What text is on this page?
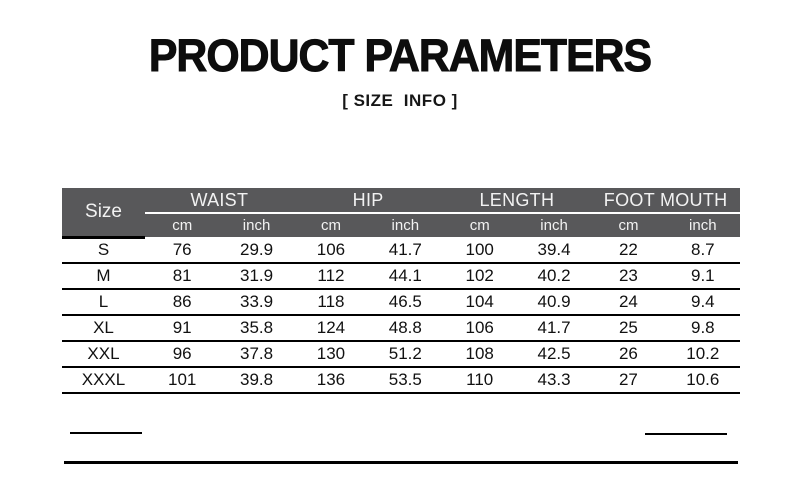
PRODUCT PARAMETERS
[ SIZE  INFO ]
Size	WAIST		HIP		LENGTH		FOOT MOUTH	
	cm	inch	cm	inch	cm	inch	cm	inch
S	76	29.9	106	41.7	100	39.4	22	8.7
M	81	31.9	112	44.1	102	40.2	23	9.1
L	86	33.9	118	46.5	104	40.9	24	9.4
XL	91	35.8	124	48.8	106	41.7	25	9.8
XXL	96	37.8	130	51.2	108	42.5	26	10.2
XXXL	101	39.8	136	53.5	110	43.3	27	10.6
